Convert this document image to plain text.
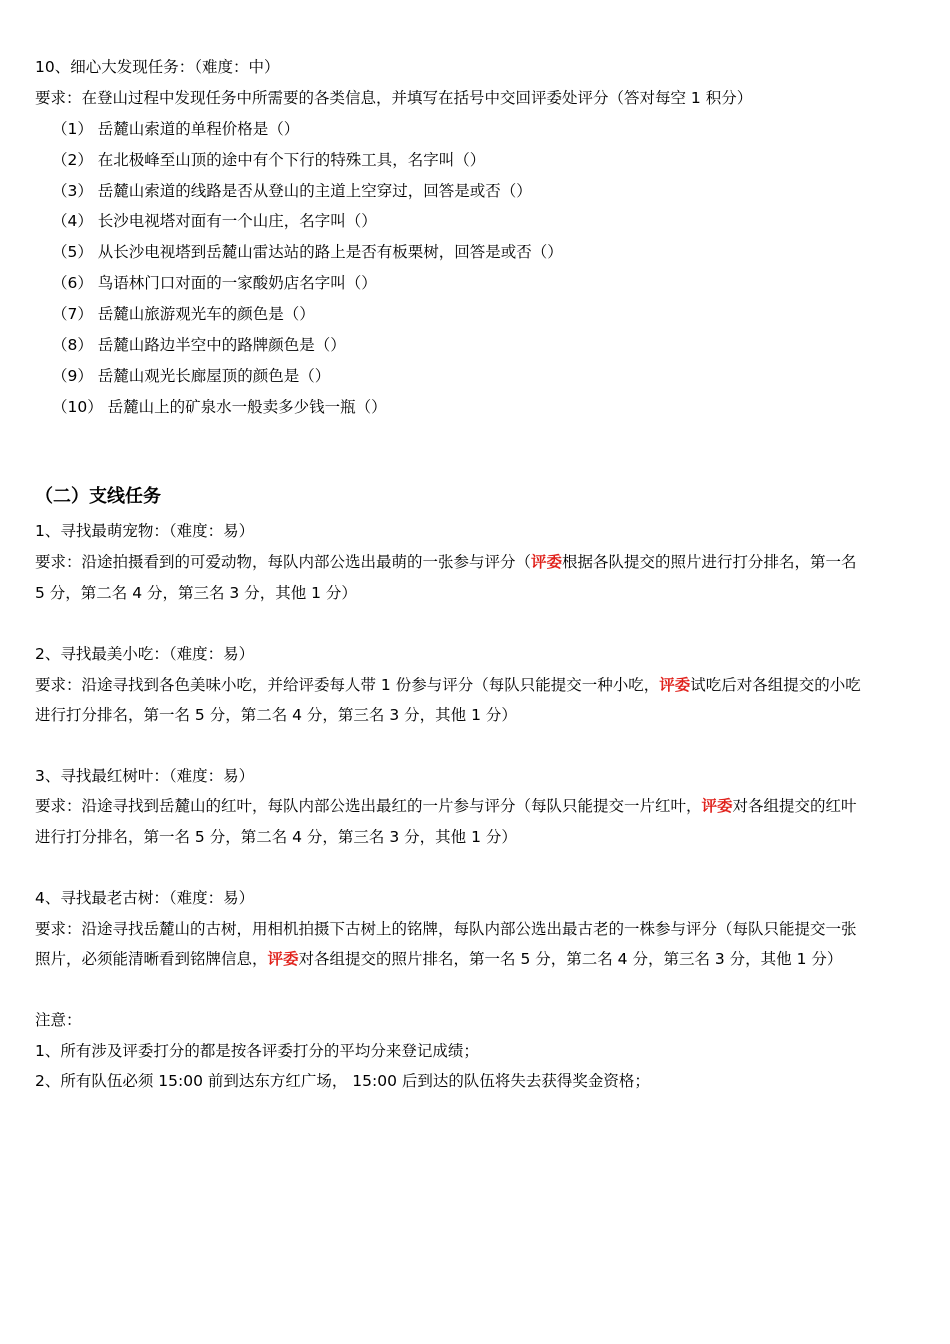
10、细心大发现任务：（难度：中）
要求：在登山过程中发现任务中所需要的各类信息，并填写在括号中交回评委处评分（答对每空 1 积分）
（1） 岳麓山索道的单程价格是（）
（2） 在北极峰至山顶的途中有个下行的特殊工具，名字叫（）
（3） 岳麓山索道的线路是否从登山的主道上空穿过，回答是或否（）
（4） 长沙电视塔对面有一个山庄，名字叫（）
（5） 从长沙电视塔到岳麓山雷达站的路上是否有板栗树，回答是或否（）
（6） 鸟语林门口对面的一家酸奶店名字叫（）
（7） 岳麓山旅游观光车的颜色是（）
（8） 岳麓山路边半空中的路牌颜色是（）
（9） 岳麓山观光长廊屋顶的颜色是（）
（10） 岳麓山上的矿泉水一般卖多少钱一瓶（）
（二）支线任务
1、寻找最萌宠物：（难度：易）
要求：沿途拍摄看到的可爱动物，每队内部公选出最萌的一张参与评分（评委根据各队提交的照片进行打分排名，第一名
5 分，第二名 4 分，第三名 3 分，其他 1 分）
2、寻找最美小吃：（难度：易）
要求：沿途寻找到各色美味小吃，并给评委每人带 1 份参与评分（每队只能提交一种小吃，评委试吃后对各组提交的小吃
进行打分排名，第一名 5 分，第二名 4 分，第三名 3 分，其他 1 分）
3、寻找最红树叶：（难度：易）
要求：沿途寻找到岳麓山的红叶，每队内部公选出最红的一片参与评分（每队只能提交一片红叶，评委对各组提交的红叶
进行打分排名，第一名 5 分，第二名 4 分，第三名 3 分，其他 1 分）
4、寻找最老古树：（难度：易）
要求：沿途寻找岳麓山的古树，用相机拍摄下古树上的铭牌，每队内部公选出最古老的一株参与评分（每队只能提交一张
照片，必须能清晰看到铭牌信息，评委对各组提交的照片排名，第一名 5 分，第二名 4 分，第三名 3 分，其他 1 分）
注意：
1、所有涉及评委打分的都是按各评委打分的平均分来登记成绩；
2、所有队伍必须 15:00 前到达东方红广场， 15:00 后到达的队伍将失去获得奖金资格；
